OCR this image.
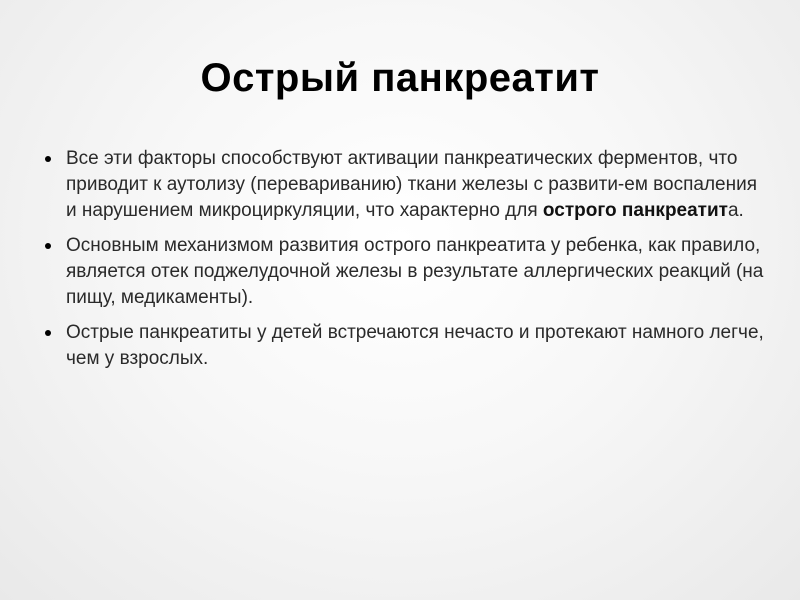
Острый панкреатит
Все эти факторы способствуют активации панкреатических ферментов, что приводит к аутолизу (перевариванию) ткани железы с развити-ем воспаления и нарушением микроциркуляции, что характерно для острого панкреатита.
Основным механизмом развития острого панкреатита у ребенка, как правило, является отек поджелудочной железы в результате аллергических реакций (на пищу, медикаменты).
Острые панкреатиты у детей встречаются нечасто и протекают намного легче, чем у взрослых.
